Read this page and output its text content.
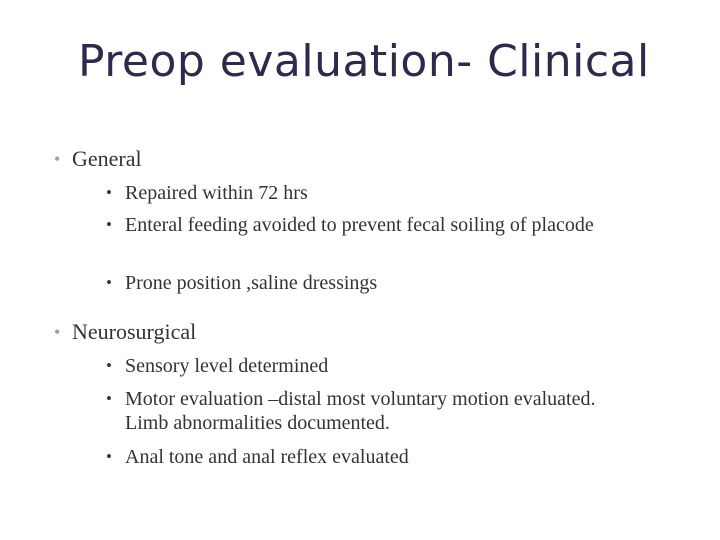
Preop evaluation- Clinical
• General
• Repaired within 72 hrs
• Enteral feeding avoided to prevent fecal soiling of placode
• Prone position ,saline dressings
• Neurosurgical
• Sensory level determined
• Motor evaluation –distal most voluntary motion evaluated. Limb abnormalities documented.
• Anal tone and anal reflex evaluated
